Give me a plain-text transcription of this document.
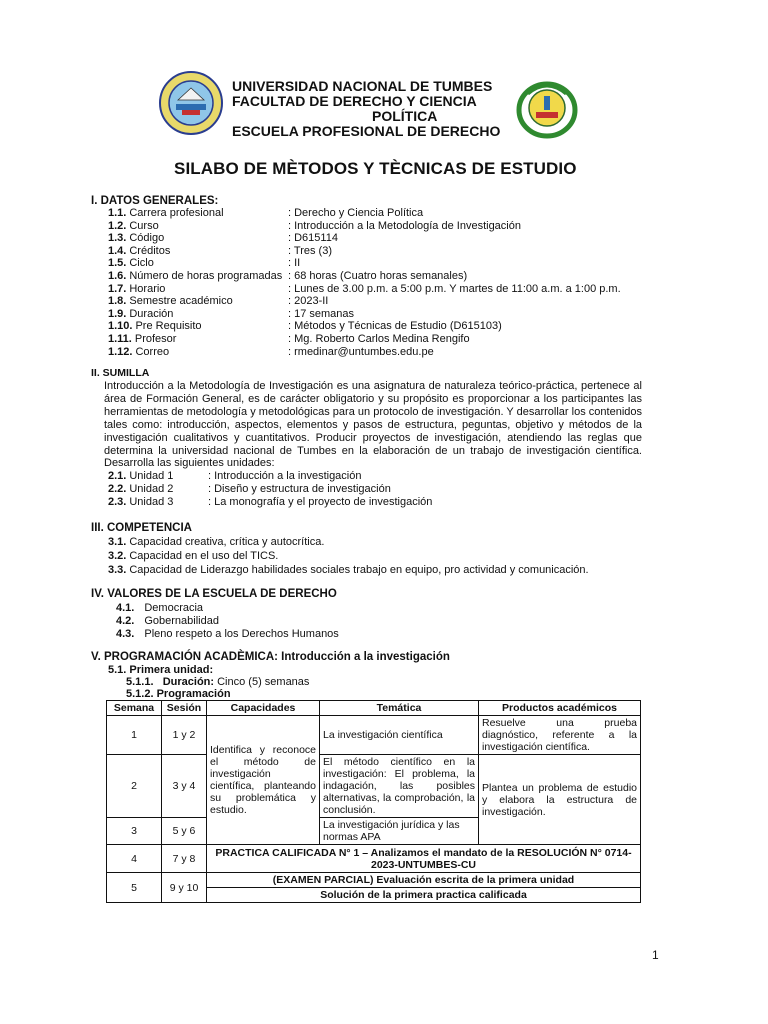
UNIVERSIDAD NACIONAL DE TUMBES
FACULTAD DE DERECHO Y CIENCIA
POLÍTICA
ESCUELA PROFESIONAL DE DERECHO
SILABO DE MÈTODOS Y TÈCNICAS DE ESTUDIO
I. DATOS GENERALES:
1.1. Carrera profesional	: Derecho y Ciencia Política
1.2. Curso	: Introducción a la Metodología de Investigación
1.3. Código	: D615114
1.4. Créditos	: Tres (3)
1.5. Ciclo	: II
1.6. Número de horas programadas : 68 horas (Cuatro horas semanales)
1.7. Horario	: Lunes de 3.00 p.m. a 5:00 p.m. Y martes de 11:00 a.m. a 1:00 p.m.
1.8. Semestre académico	: 2023-II
1.9. Duración	: 17 semanas
1.10. Pre Requisito	: Métodos y Técnicas de Estudio (D615103)
1.11. Profesor	: Mg. Roberto Carlos Medina Rengifo
1.12. Correo	: rmedinar@untumbes.edu.pe
II. SUMILLA
Introducción a la Metodología de Investigación es una asignatura de naturaleza teórico-práctica, pertenece al área de Formación General, es de carácter obligatorio y su propósito es proporcionar a los participantes las herramientas de metodología y metodológicas para un protocolo de investigación. Y desarrollar los contenidos tales como: introducción, aspectos, elementos y pasos de estructura, peguntas, objetivo y métodos de la investigación cualitativos y cuantitativos. Producir proyectos de investigación, atendiendo las reglas que determina la universidad nacional de Tumbes en la elaboración de un trabajo de investigación científica. Desarrolla las siguientes unidades:
2.1. Unidad 1	: Introducción a la investigación
2.2. Unidad 2	: Diseño y estructura de investigación
2.3. Unidad 3	: La monografía y el proyecto de investigación
III. COMPETENCIA
3.1. Capacidad creativa, crítica y autocrítica.
3.2. Capacidad en el uso del TICS.
3.3. Capacidad de Liderazgo habilidades sociales trabajo en equipo, pro actividad y comunicación.
IV. VALORES DE LA ESCUELA DE DERECHO
4.1. Democracia
4.2. Gobernabilidad
4.3. Pleno respeto a los Derechos Humanos
V. PROGRAMACIÓN ACADÈMICA: Introducción a la investigación
5.1. Primera unidad:
5.1.1. Duración: Cinco (5) semanas
5.1.2. Programación
Semana	Sesión	Capacidades	Temática	Productos académicos
1	1 y 2	Identifica y reconoce el método de investigación científica, planteando su problemática y estudio.	La investigación científica	Resuelve una prueba diagnóstico, referente a la investigación científica.
2	3 y 4		El método científico en la investigación: El problema, la indagación, las posibles alternativas, la comprobación, la conclusión.	Plantea un problema de estudio y elabora la estructura de investigación.
3	5 y 6		La investigación jurídica y las normas APA	
4	7 y 8	PRACTICA CALIFICADA N° 1 – Analizamos el mandato de la RESOLUCIÓN N° 0714-2023-UNTUMBES-CU		
5	9 y 10	(EXAMEN PARCIAL) Evaluación escrita de la primera unidad		
		Solución de la primera practica calificada		
1
